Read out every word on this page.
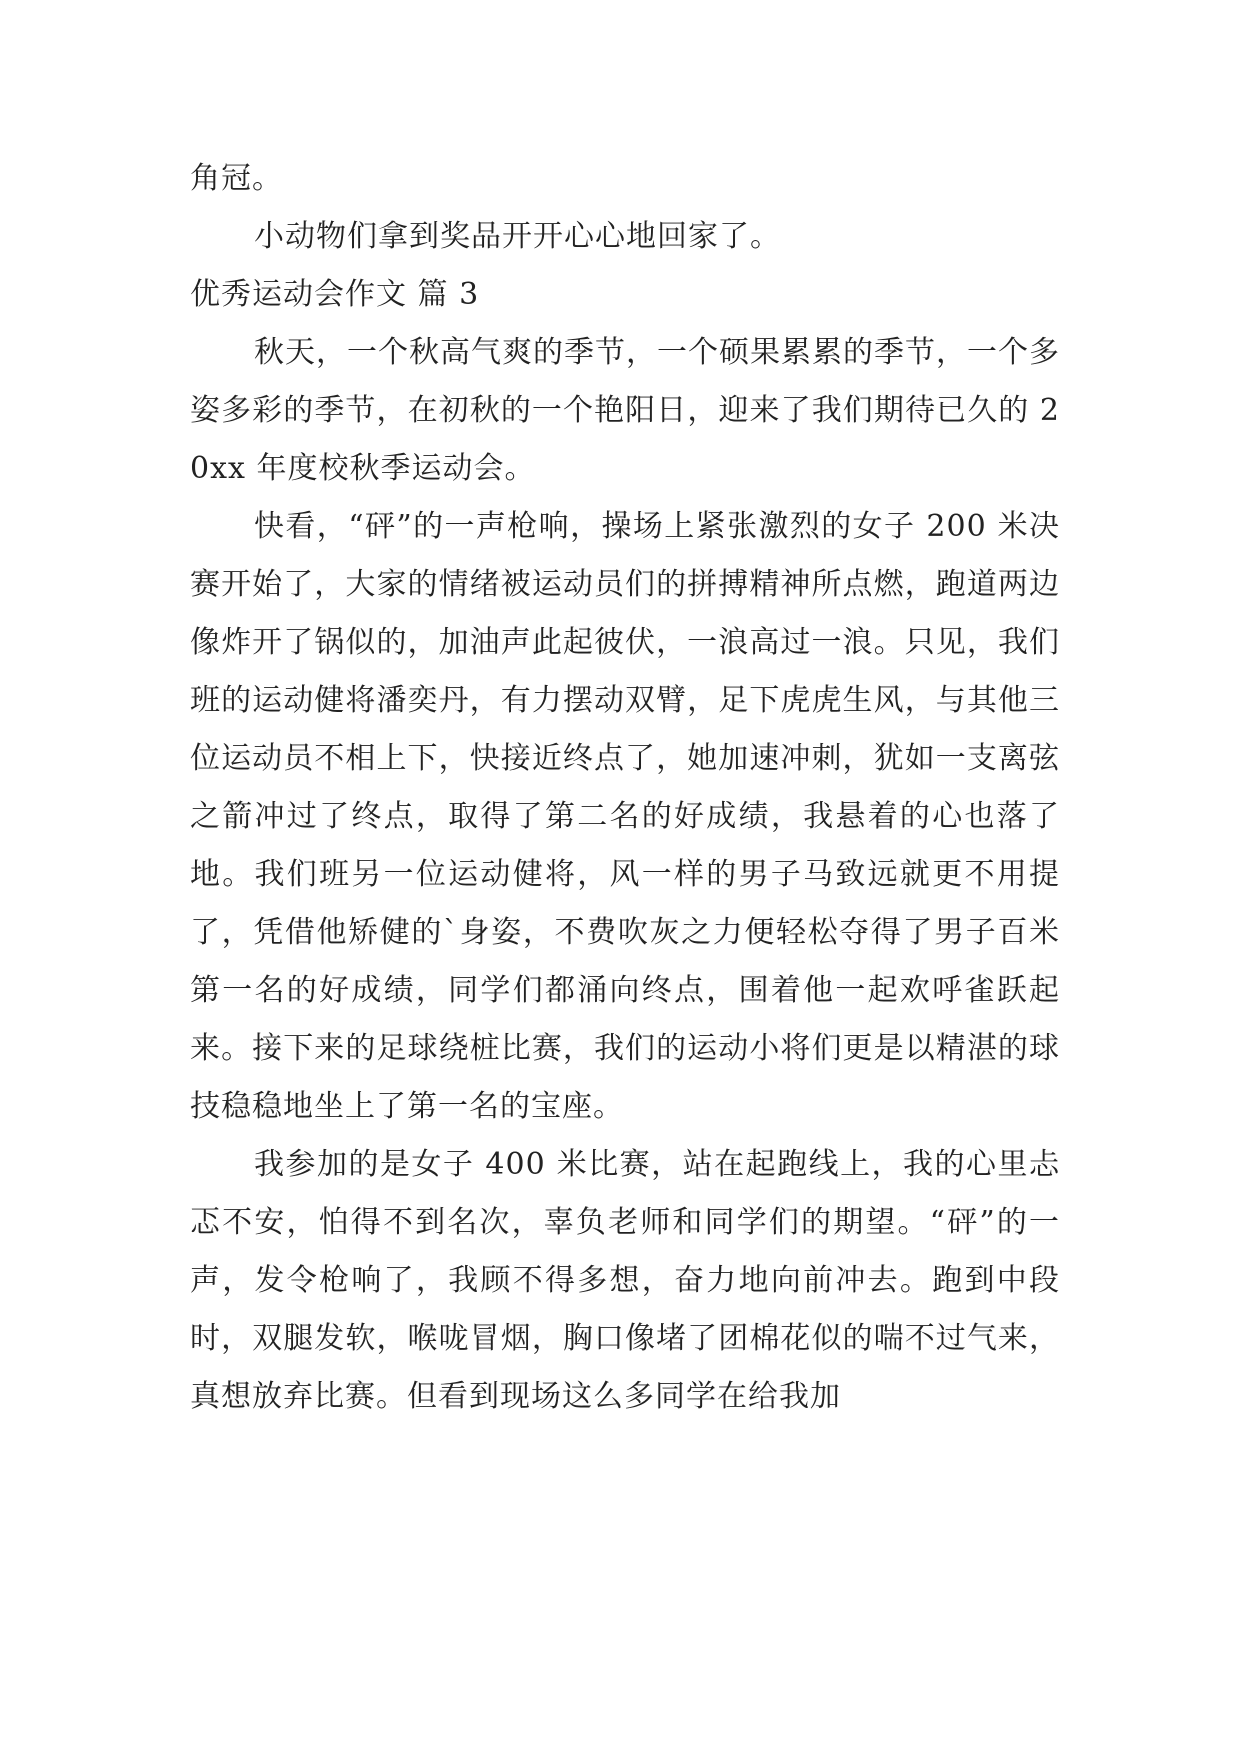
角冠。

小动物们拿到奖品开开心心地回家了。

优秀运动会作文 篇 3

秋天，一个秋高气爽的季节，一个硕果累累的季节，一个多姿多彩的季节，在初秋的一个艳阳日，迎来了我们期待已久的 20xx 年度校秋季运动会。

快看，“砰”的一声枪响，操场上紧张激烈的女子 200 米决赛开始了，大家的情绪被运动员们的拼搏精神所点燃，跑道两边像炸开了锅似的，加油声此起彼伏，一浪高过一浪。只见，我们班的运动健将潘奕丹，有力摆动双臂，足下虎虎生风，与其他三位运动员不相上下，快接近终点了，她加速冲刺，犹如一支离弦之箭冲过了终点，取得了第二名的好成绩，我悬着的心也落了地。我们班另一位运动健将，风一样的男子马致远就更不用提了，凭借他矫健的`身姿，不费吹灰之力便轻松夺得了男子百米第一名的好成绩，同学们都涌向终点，围着他一起欢呼雀跃起来。接下来的足球绕桩比赛，我们的运动小将们更是以精湛的球技稳稳地坐上了第一名的宝座。

我参加的是女子 400 米比赛，站在起跑线上，我的心里忐忑不安，怕得不到名次，辜负老师和同学们的期望。“砰”的一声，发令枪响了，我顾不得多想，奋力地向前冲去。跑到中段时，双腿发软，喉咙冒烟，胸口像堵了团棉花似的喘不过气来，真想放弃比赛。但看到现场这么多同学在给我加
